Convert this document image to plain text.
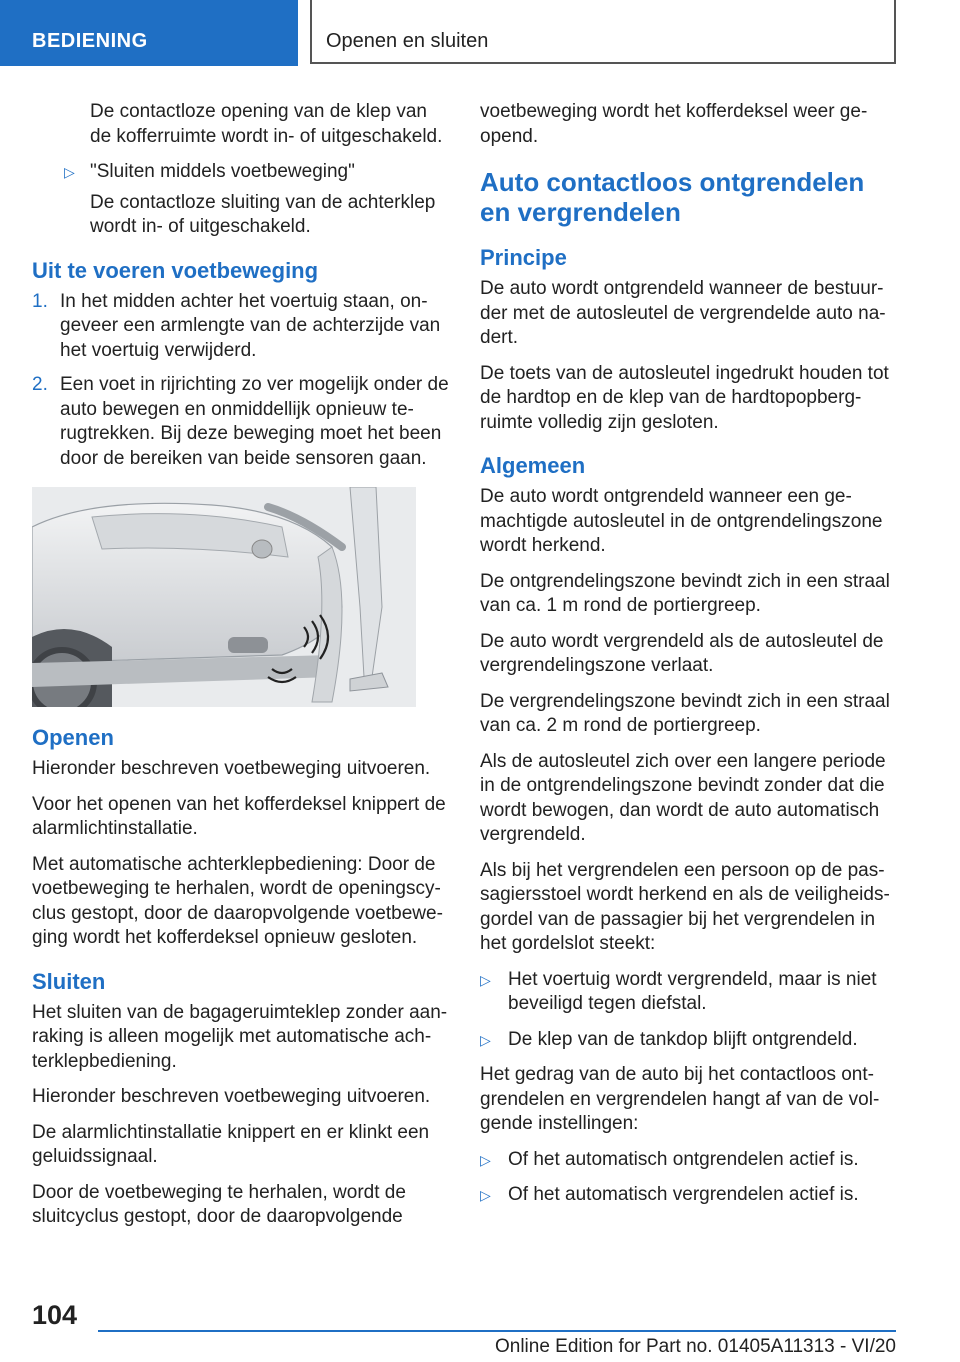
BEDIENING	Openen en sluiten

De contactloze opening van de klep van de kofferruimte wordt in- of uitgeschakeld.

▷ "Sluiten middels voetbeweging"

De contactloze sluiting van de achterklep wordt in- of uitgeschakeld.

Uit te voeren voetbeweging
1. In het midden achter het voertuig staan, ongeveer een armlengte van de achterzijde van het voertuig verwijderd.
2. Een voet in rijrichting zo ver mogelijk onder de auto bewegen en onmiddellijk opnieuw terugtrekken. Bij deze beweging moet het been door de bereiken van beide sensoren gaan.
Openen

Hieronder beschreven voetbeweging uitvoeren.

Voor het openen van het kofferdeksel knippert de alarmlichtinstallatie.

Met automatische achterklepbediening: Door de voetbeweging te herhalen, wordt de openingscyclus gestopt, door de daaropvolgende voetbeweging wordt het kofferdeksel opnieuw gesloten.

Sluiten

Het sluiten van de bagageruimteklep zonder aanraking is alleen mogelijk met automatische achterklepbediening.

Hieronder beschreven voetbeweging uitvoeren.

De alarmlichtinstallatie knippert en er klinkt een geluidssignaal.

Door de voetbeweging te herhalen, wordt de sluitcyclus gestopt, door de daaropvolgende

voetbeweging wordt het kofferdeksel weer geopend.

Auto contactloos ontgrendelen en vergrendelen
Principe

De auto wordt ontgrendeld wanneer de bestuurder met de autosleutel de vergrendelde auto nadert.

De toets van de autosleutel ingedrukt houden tot de hardtop en de klep van de hardtopopbergruimte volledig zijn gesloten.

Algemeen

De auto wordt ontgrendeld wanneer een gemachtigde autosleutel in de ontgrendelingszone wordt herkend.

De ontgrendelingszone bevindt zich in een straal van ca. 1 m rond de portiergreep.

De auto wordt vergrendeld als de autosleutel de vergrendelingszone verlaat.

De vergrendelingszone bevindt zich in een straal van ca. 2 m rond de portiergreep.

Als de autosleutel zich over een langere periode in de ontgrendelingszone bevindt zonder dat die wordt bewogen, dan wordt de auto automatisch vergrendeld.

Als bij het vergrendelen een persoon op de passagiersstoel wordt herkend en als de veiligheidsgordel van de passagier bij het vergrendelen in het gordelslot steekt:

▷ Het voertuig wordt vergrendeld, maar is niet beveiligd tegen diefstal.
▷ De klep van de tankdop blijft ontgrendeld.

Het gedrag van de auto bij het contactloos ontgrendelen en vergrendelen hangt af van de volgende instellingen:

▷ Of het automatisch ontgrendelen actief is.
▷ Of het automatisch vergrendelen actief is.
104
Online Edition for Part no. 01405A11313 - VI/20
